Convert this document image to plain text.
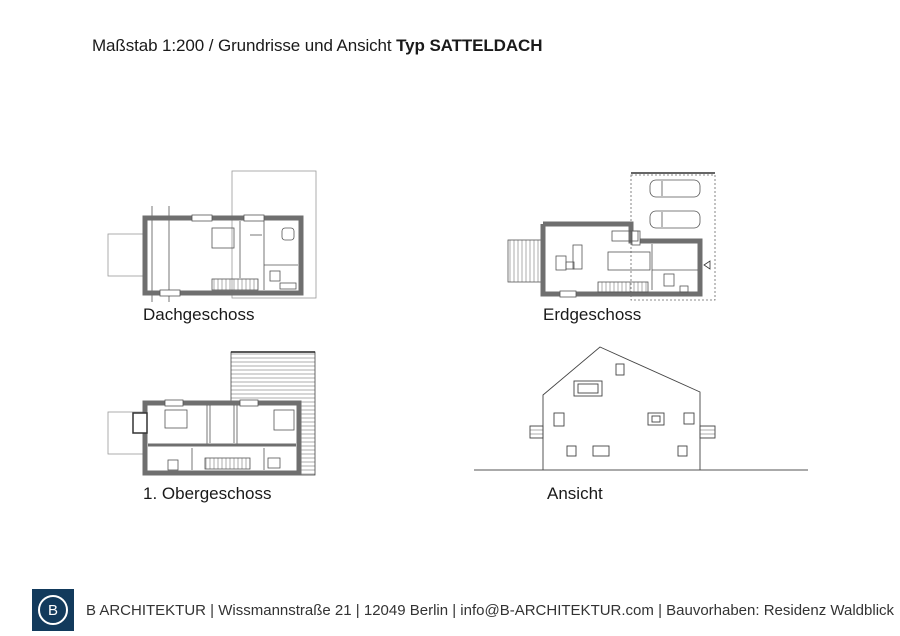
Maßstab 1:200 / Grundrisse und Ansicht Typ SATTELDACH
Dachgeschoss	Erdgeschoss
1. Obergeschoss	Ansicht
B	B ARCHITEKTUR | Wissmannstraße 21 | 12049 Berlin | info@B-ARCHITEKTUR.com | Bauvorhaben: Residenz Waldblick
